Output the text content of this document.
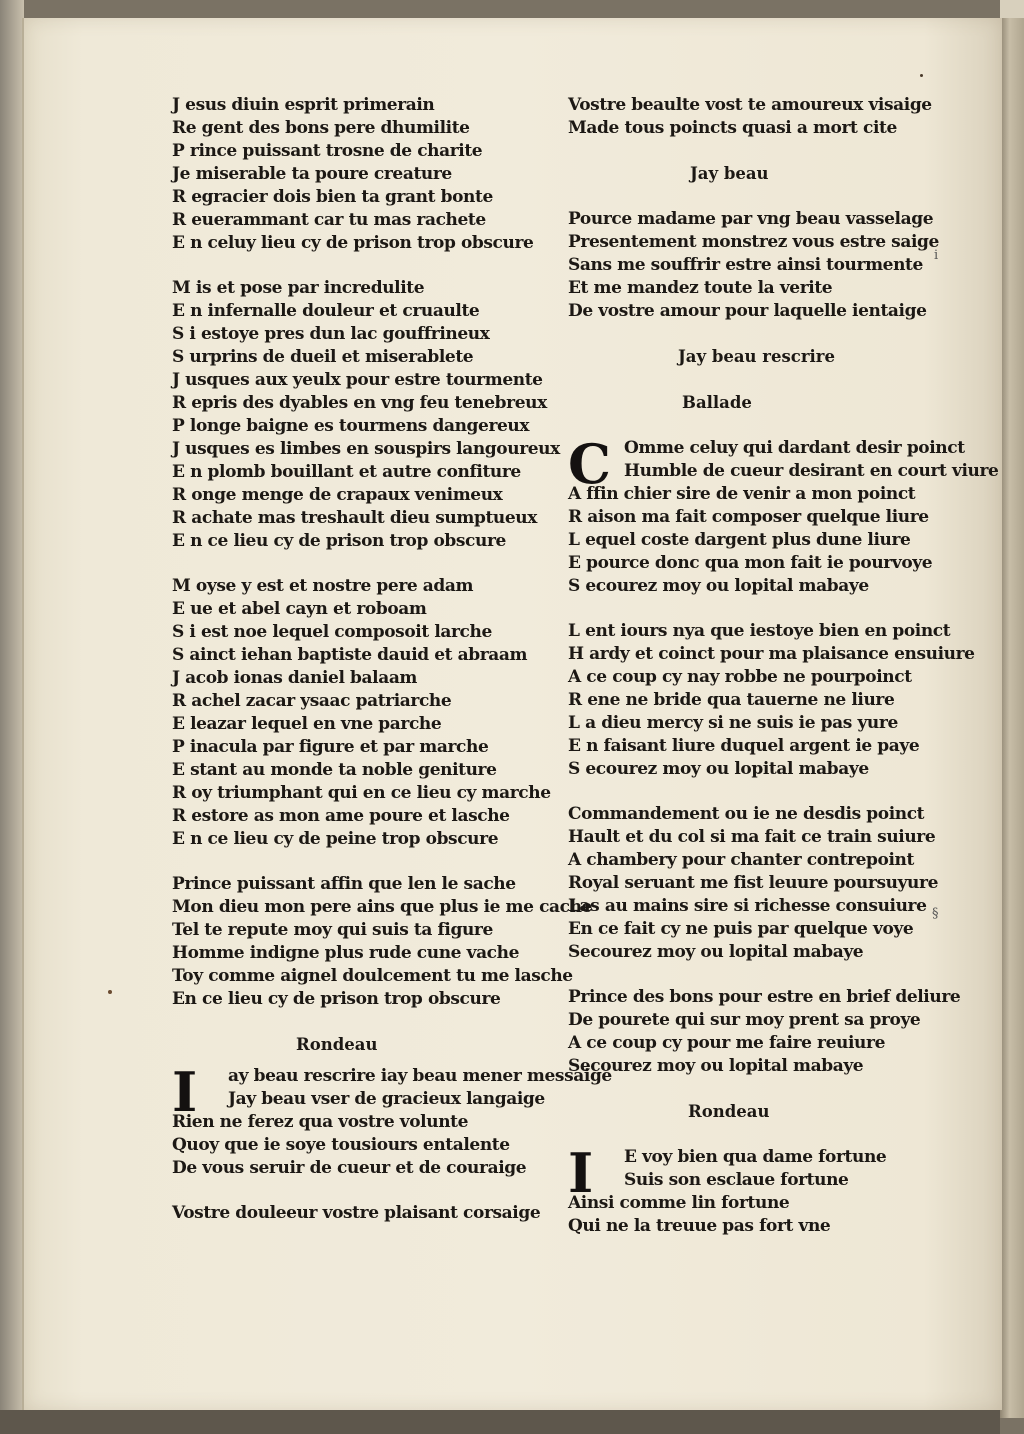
§
i
J esus diuin esprit primerain
Re gent des bons pere dhumilite
P rince puissant trosne de charite
Je miserable ta poure creature
R egracier dois bien ta grant bonte
R euerammant car tu mas rachete
E n celuy lieu cy de prison trop obscure
M is et pose par incredulite
E n infernalle douleur et cruaulte
S i estoye pres dun lac gouffrineux
S urprins de dueil et miserablete
J usques aux yeulx pour estre tourmente
R epris des dyables en vng feu tenebreux
P longe baigne es tourmens dangereux
J usques es limbes en souspirs langoureux
E n plomb bouillant et autre confiture
R onge menge de crapaux venimeux
R achate mas treshault dieu sumptueux
E n ce lieu cy de prison trop obscure
M oyse y est et nostre pere adam
E ue et abel cayn et roboam
S i est noe lequel composoit larche
S ainct iehan baptiste dauid et abraam
J acob ionas daniel balaam
R achel zacar ysaac patriarche
E leazar lequel en vne parche
P inacula par figure et par marche
E stant au monde ta noble geniture
R oy triumphant qui en ce lieu cy marche
R estore as mon ame poure et lasche
E n ce lieu cy de peine trop obscure
Prince puissant affin que len le sache
Mon dieu mon pere ains que plus ie me cache
Tel te repute moy qui suis ta figure
Homme indigne plus rude cune vache
Toy comme aignel doulcement tu me lasche
En ce lieu cy de prison trop obscure
Rondeau
I ay beau rescrire iay beau mener messaige
Jay beau vser de gracieux langaige
Rien ne ferez qua vostre volunte
Quoy que ie soye tousiours entalente
De vous seruir de cueur et de couraige
Vostre douleeur vostre plaisant corsaige
Vostre beaulte vost te amoureux visaige
Made tous poincts quasi a mort cite
Jay beau
Pource madame par vng beau vasselage
Presentement monstrez vous estre saige
Sans me souffrir estre ainsi tourmente
Et me mandez toute la verite
De vostre amour pour laquelle ientaige
Jay beau rescrire
Ballade
C Omme celuy qui dardant desir poinct
Humble de cueur desirant en court viure
A ffin chier sire de venir a mon poinct
R aison ma fait composer quelque liure
L equel coste dargent plus dune liure
E pource donc qua mon fait ie pourvoye
S ecourez moy ou lopital mabaye
L ent iours nya que iestoye bien en poinct
H ardy et coinct pour ma plaisance ensuiure
A ce coup cy nay robbe ne pourpoinct
R ene ne bride qua tauerne ne liure
L a dieu mercy si ne suis ie pas yure
E n faisant liure duquel argent ie paye
S ecourez moy ou lopital mabaye
Commandement ou ie ne desdis poinct
Hault et du col si ma fait ce train suiure
A chambery pour chanter contrepoint
Royal seruant me fist leuure poursuyure
Las au mains sire si richesse consuiure
En ce fait cy ne puis par quelque voye
Secourez moy ou lopital mabaye
Prince des bons pour estre en brief deliure
De pourete qui sur moy prent sa proye
A ce coup cy pour me faire reuiure
Secourez moy ou lopital mabaye
Rondeau
I E voy bien qua dame fortune
Suis son esclaue fortune
Ainsi comme lin fortune
Qui ne la treuue pas fort vne
